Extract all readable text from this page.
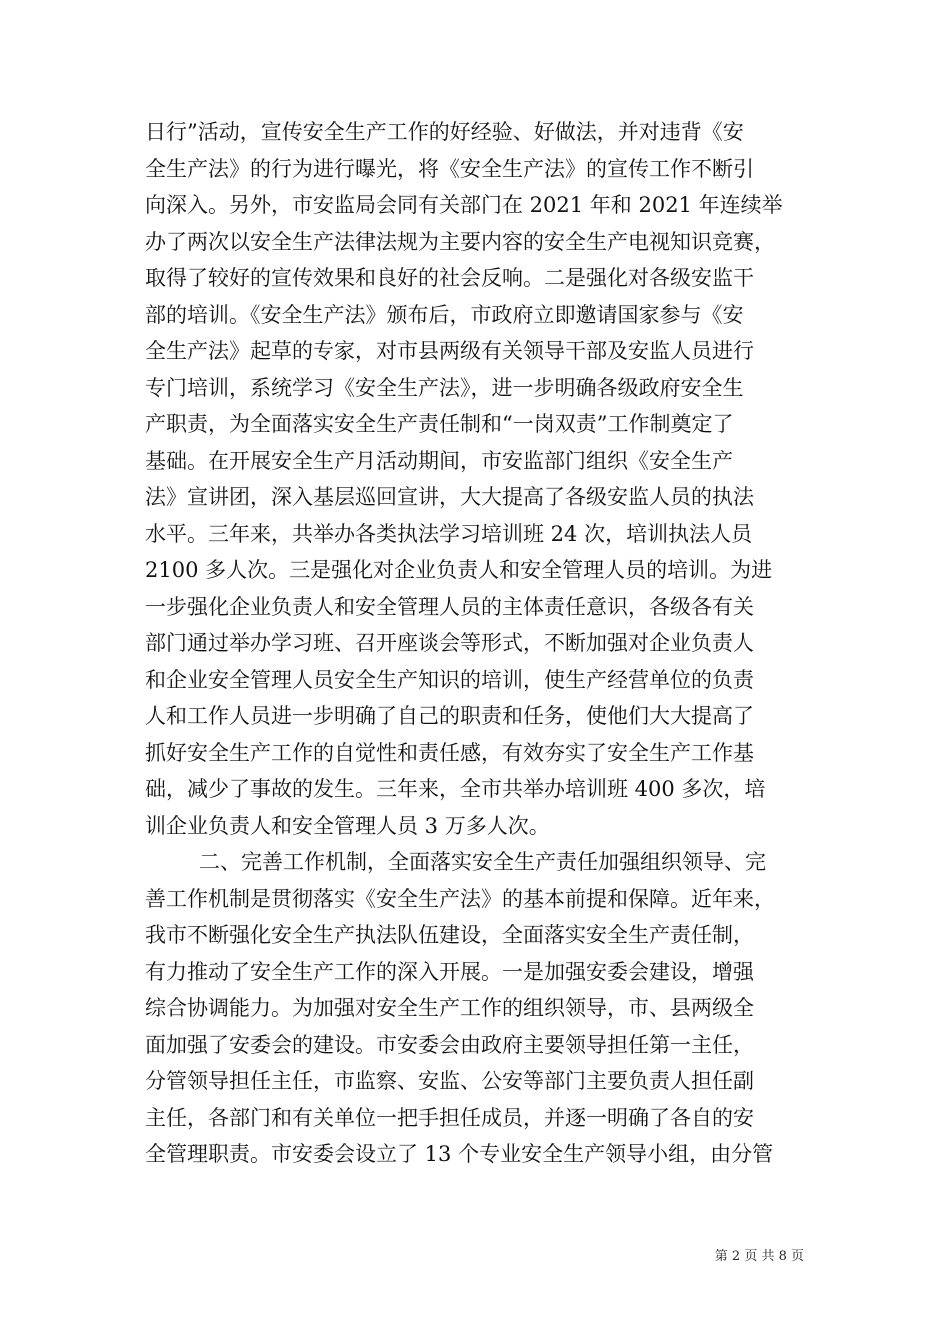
日行”活动，宣传安全生产工作的好经验、好做法，并对违背《安
全生产法》的行为进行曝光，将《安全生产法》的宣传工作不断引
向深入。另外，市安监局会同有关部门在 2021 年和 2021 年连续举
办了两次以安全生产法律法规为主要内容的安全生产电视知识竞赛，
取得了较好的宣传效果和良好的社会反响。二是强化对各级安监干
部的培训。《安全生产法》颁布后，市政府立即邀请国家参与《安
全生产法》起草的专家，对市县两级有关领导干部及安监人员进行
专门培训，系统学习《安全生产法》，进一步明确各级政府安全生
产职责，为全面落实安全生产责任制和“一岗双责”工作制奠定了
基础。在开展安全生产月活动期间，市安监部门组织《安全生产
法》宣讲团，深入基层巡回宣讲，大大提高了各级安监人员的执法
水平。三年来，共举办各类执法学习培训班 24 次，培训执法人员
2100 多人次。三是强化对企业负责人和安全管理人员的培训。为进
一步强化企业负责人和安全管理人员的主体责任意识，各级各有关
部门通过举办学习班、召开座谈会等形式，不断加强对企业负责人
和企业安全管理人员安全生产知识的培训，使生产经营单位的负责
人和工作人员进一步明确了自己的职责和任务，使他们大大提高了
抓好安全生产工作的自觉性和责任感，有效夯实了安全生产工作基
础，减少了事故的发生。三年来，全市共举办培训班 400 多次，培
训企业负责人和安全管理人员 3 万多人次。
二、完善工作机制，全面落实安全生产责任加强组织领导、完
善工作机制是贯彻落实《安全生产法》的基本前提和保障。近年来，
我市不断强化安全生产执法队伍建设，全面落实安全生产责任制，
有力推动了安全生产工作的深入开展。一是加强安委会建设，增强
综合协调能力。为加强对安全生产工作的组织领导，市、县两级全
面加强了安委会的建设。市安委会由政府主要领导担任第一主任，
分管领导担任主任，市监察、安监、公安等部门主要负责人担任副
主任，各部门和有关单位一把手担任成员，并逐一明确了各自的安
全管理职责。市安委会设立了 13 个专业安全生产领导小组，由分管
第 2 页 共 8 页
